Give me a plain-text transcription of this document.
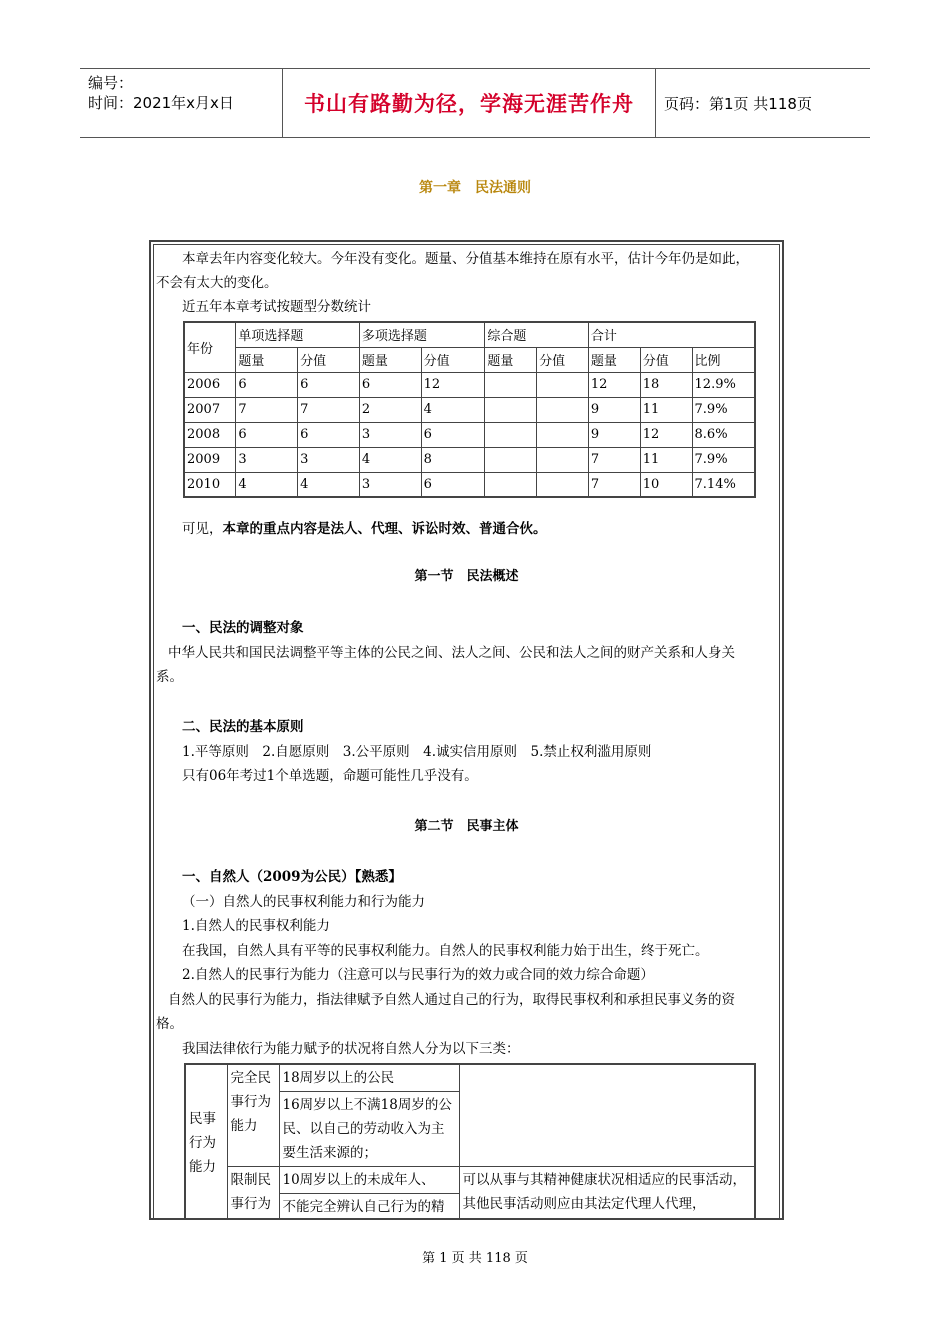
编号：
时间：2021年x月x日	书山有路勤为径，学海无涯苦作舟	页码：第1页 共118页
第一章　民法通则
本章去年内容变化较大。今年没有变化。题量、分值基本维持在原有水平，估计今年仍是如此，
不会有太大的变化。
近五年本章考试按题型分数统计
年份	单项选择题		多项选择题		综合题		合计		
	题量	分值	题量	分值	题量	分值	题量	分值	比例
2006	6	6	6	12			12	18	12.9%
2007	7	7	2	4			9	11	7.9%
2008	6	6	3	6			9	12	8.6%
2009	3	3	4	8			7	11	7.9%
2010	4	4	3	6			7	10	7.14%
可见，本章的重点内容是法人、代理、诉讼时效、普通合伙。
第一节　民法概述
一、民法的调整对象
中华人民共和国民法调整平等主体的公民之间、法人之间、公民和法人之间的财产关系和人身关
系。
二、民法的基本原则
1.平等原则　2.自愿原则　3.公平原则　4.诚实信用原则　5.禁止权利滥用原则
只有06年考过1个单选题，命题可能性几乎没有。
第二节　民事主体
一、自然人（2009为公民）【熟悉】
（一）自然人的民事权利能力和行为能力
1.自然人的民事权利能力
在我国，自然人具有平等的民事权利能力。自然人的民事权利能力始于出生，终于死亡。
2.自然人的民事行为能力（注意可以与民事行为的效力或合同的效力综合命题）
自然人的民事行为能力，指法律赋予自然人通过自己的行为，取得民事权利和承担民事义务的资
格。
我国法律依行为能力赋予的状况将自然人分为以下三类：
民事行为能力	完全民事行为能力	18周岁以上的公民	
		16周岁以上不满18周岁的公民、以自己的劳动收入为主要生活来源的；	
	限制民事行为	10周岁以上的未成年人、	可以从事与其精神健康状况相适应的民事活动，其他民事活动则应由其法定代理人代理，
		不能完全辨认自己行为的精	
第 1 页 共 118 页
